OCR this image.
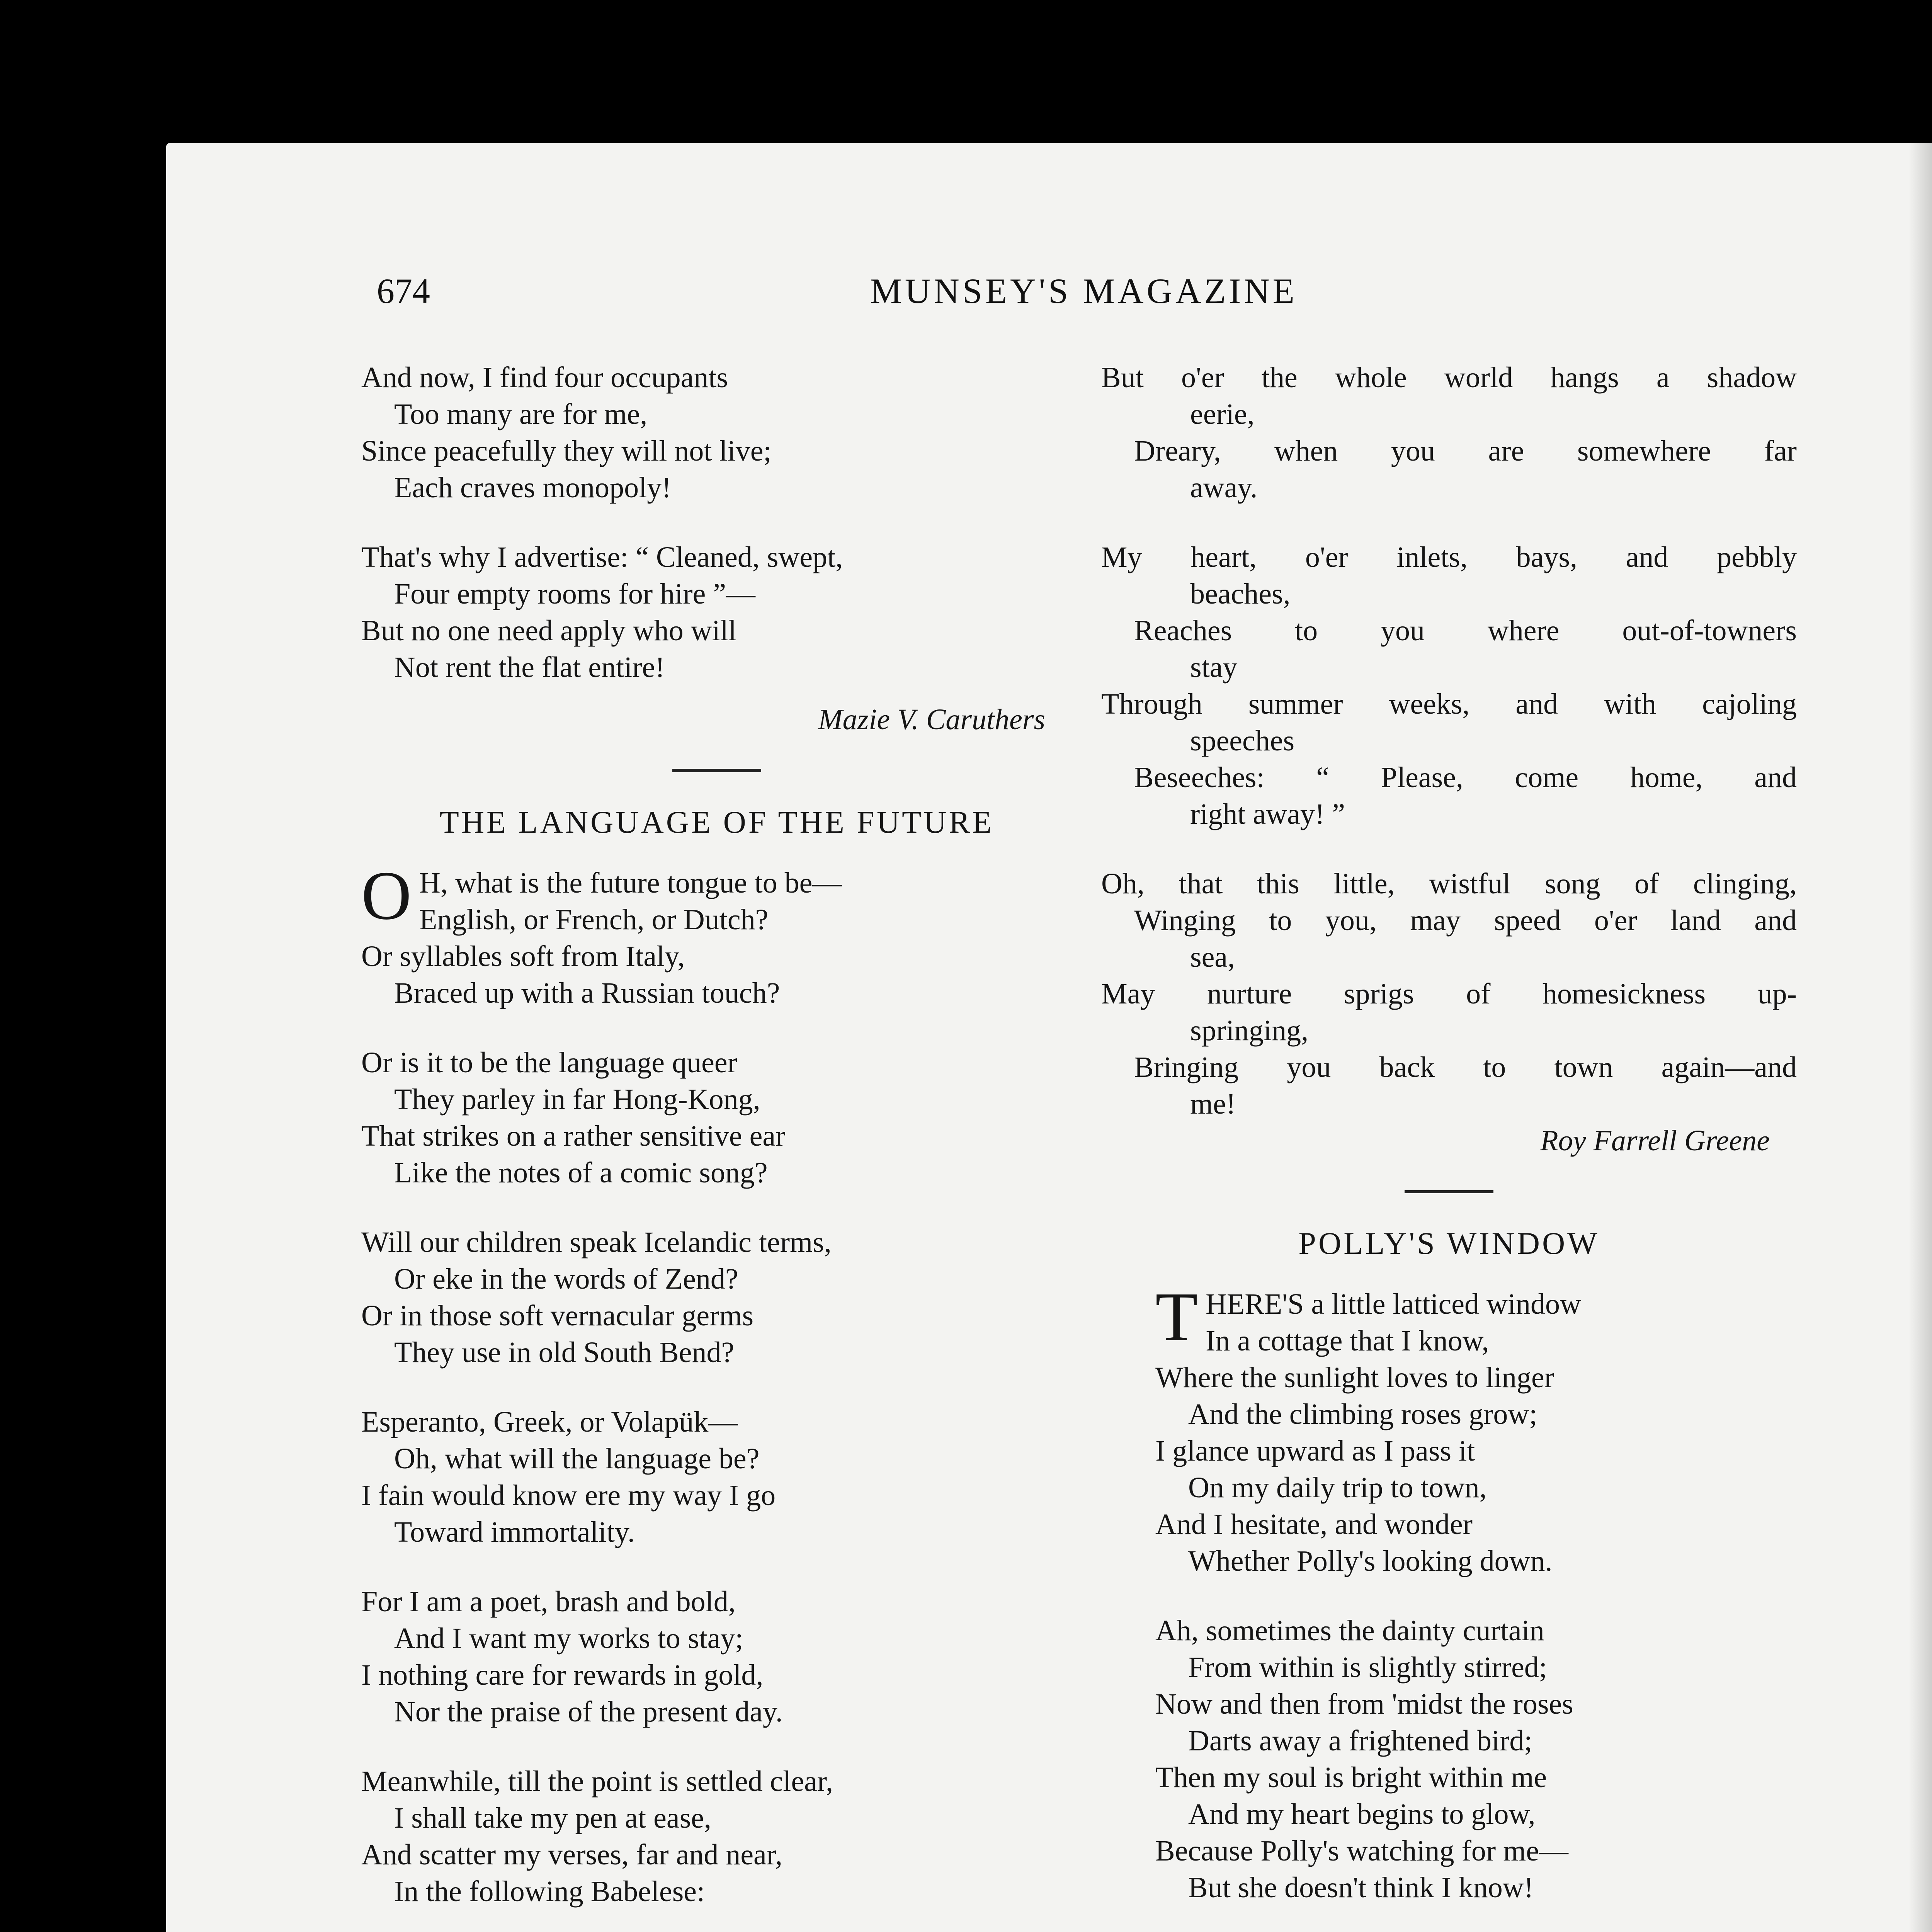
674	MUNSEY'S MAGAZINE
And now, I find four occupants
Too many are for me,
Since peacefully they will not live;
Each craves monopoly!
That's why I advertise: “ Cleaned, swept,
Four empty rooms for hire ”—
But no one need apply who will
Not rent the flat entire!
Mazie V. Caruthers
THE LANGUAGE OF THE FUTURE
O H, what is the future tongue to be—
English, or French, or Dutch?
Or syllables soft from Italy,
Braced up with a Russian touch?
Or is it to be the language queer
They parley in far Hong-Kong,
That strikes on a rather sensitive ear
Like the notes of a comic song?
Will our children speak Icelandic terms,
Or eke in the words of Zend?
Or in those soft vernacular germs
They use in old South Bend?
Esperanto, Greek, or Volapük—
Oh, what will the language be?
I fain would know ere my way I go
Toward immortality.
For I am a poet, brash and bold,
And I want my works to stay;
I nothing care for rewards in gold,
Nor the praise of the present day.
Meanwhile, till the point is settled clear,
I shall take my pen at ease,
And scatter my verses, far and near,
In the following Babelese:
But o'er the whole world hangs a shadow
eerie,
Dreary, when you are somewhere far
away.
My heart, o'er inlets, bays, and pebbly
beaches,
Reaches to you where out-of-towners
stay
Through summer weeks, and with cajoling
speeches
Beseeches: “ Please, come home, and
right away! ”
Oh, that this little, wistful song of clinging,
Winging to you, may speed o'er land and
sea,
May nurture sprigs of homesickness up-
springing,
Bringing you back to town again—and
me!
Roy Farrell Greene
POLLY'S WINDOW
T HERE'S a little latticed window
In a cottage that I know,
Where the sunlight loves to linger
And the climbing roses grow;
I glance upward as I pass it
On my daily trip to town,
And I hesitate, and wonder
Whether Polly's looking down.
Ah, sometimes the dainty curtain
From within is slightly stirred;
Now and then from 'midst the roses
Darts away a frightened bird;
Then my soul is bright within me
And my heart begins to glow,
Because Polly's watching for me—
But she doesn't think I know!
